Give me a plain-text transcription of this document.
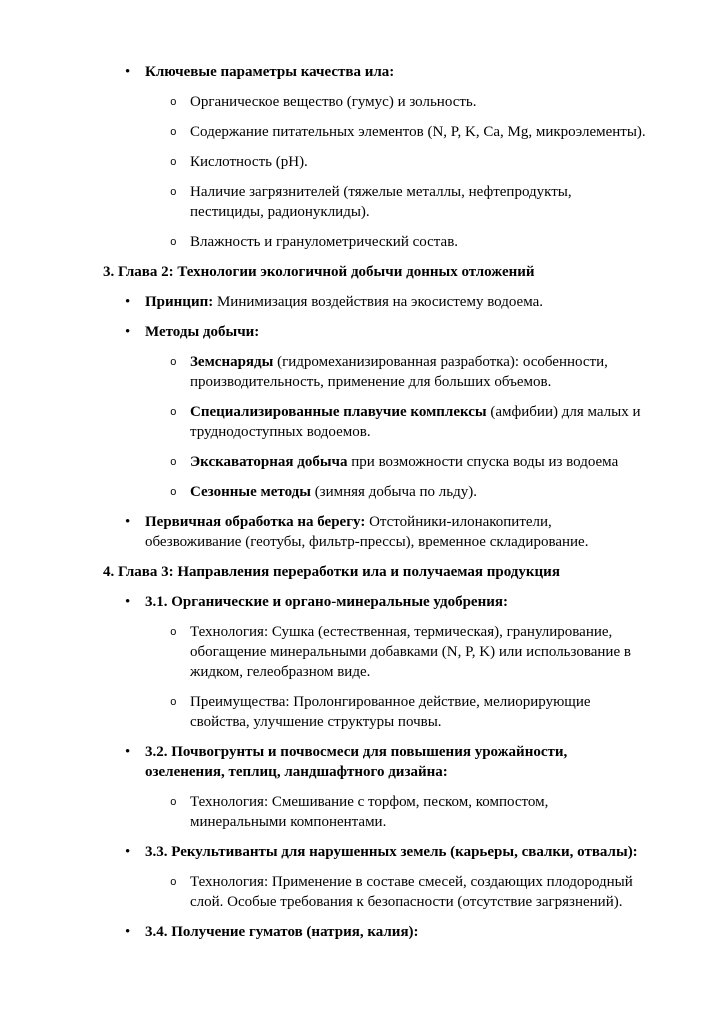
• Ключевые параметры качества ила:
o Органическое вещество (гумус) и зольность.
o Содержание питательных элементов (N, P, K, Ca, Mg, микроэлементы).
o Кислотность (pH).
o Наличие загрязнителей (тяжелые металлы, нефтепродукты, пестициды, радионуклиды).
o Влажность и гранулометрический состав.
3. Глава 2: Технологии экологичной добычи донных отложений
• Принцип: Минимизация воздействия на экосистему водоема.
• Методы добычи:
o Земснаряды (гидромеханизированная разработка): особенности, производительность, применение для больших объемов.
o Специализированные плавучие комплексы (амфибии) для малых и труднодоступных водоемов.
o Экскаваторная добыча при возможности спуска воды из водоема
o Сезонные методы (зимняя добыча по льду).
• Первичная обработка на берегу: Отстойники-илонакопители, обезвоживание (геотубы, фильтр-прессы), временное складирование.
4. Глава 3: Направления переработки ила и получаемая продукция
• 3.1. Органические и органо-минеральные удобрения:
o Технология: Сушка (естественная, термическая), гранулирование, обогащение минеральными добавками (N, P, K) или использование в жидком, гелеобразном виде.
o Преимущества: Пролонгированное действие, мелиорирующие свойства, улучшение структуры почвы.
• 3.2. Почвогрунты и почвосмеси для повышения урожайности, озеленения, теплиц, ландшафтного дизайна:
o Технология: Смешивание с торфом, песком, компостом, минеральными компонентами.
• 3.3. Рекультиванты для нарушенных земель (карьеры, свалки, отвалы):
o Технология: Применение в составе смесей, создающих плодородный слой. Особые требования к безопасности (отсутствие загрязнений).
• 3.4. Получение гуматов (натрия, калия):
